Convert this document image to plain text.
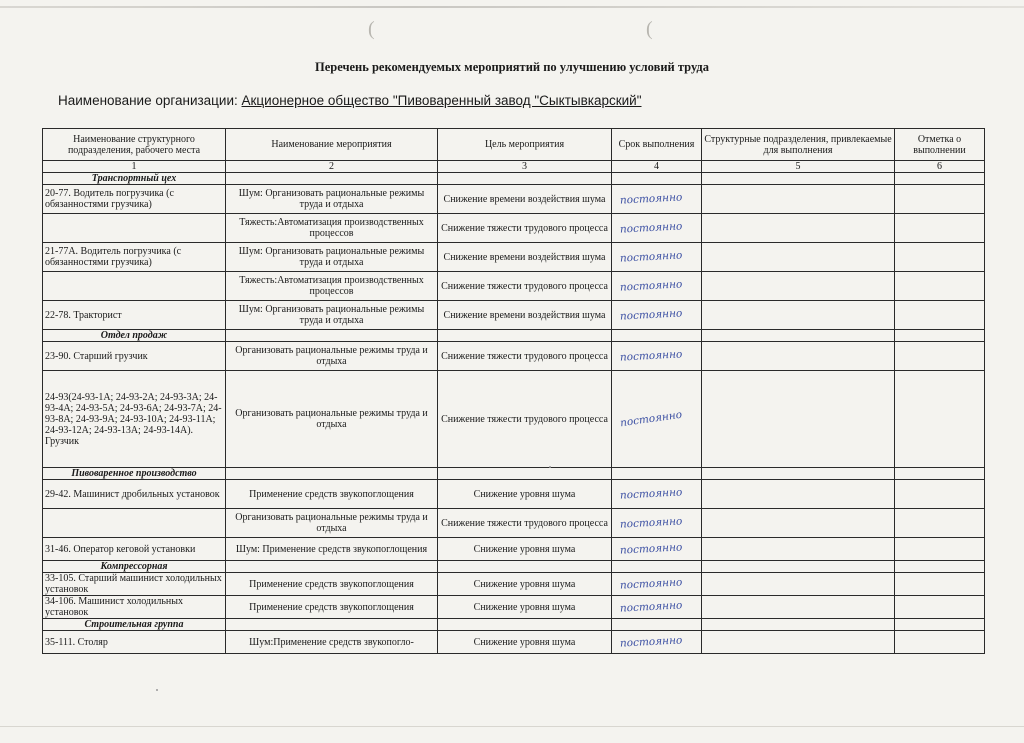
(	(
Перечень рекомендуемых мероприятий по улучшению условий труда
Наименование организации: Акционерное общество "Пивоваренный завод "Сыктывкарский"
Наименование структурного подразделения, рабочего места	Наименование мероприятия	Цель мероприятия	Срок выполнения	Структурные подразделения, привлекаемые для выполнения	Отметка о выполнении
1	2	3	4	5	6
Транспортный цех					
20-77. Водитель погрузчика (с обязанностями грузчика)	Шум: Организовать рациональные режимы труда и отдыха	Снижение времени воздействия шума	постоянно		
	Тяжесть:Автоматизация производственных процессов	Снижение тяжести трудового процесса	постоянно		
21-77А. Водитель погрузчика (с обязанностями грузчика)	Шум: Организовать рациональные режимы труда и отдыха	Снижение времени воздействия шума	постоянно		
	Тяжесть:Автоматизация производственных процессов	Снижение тяжести трудового процесса	постоянно		
22-78. Тракторист	Шум: Организовать рациональные режимы труда и отдыха	Снижение времени воздействия шума	постоянно		
Отдел продаж					
23-90. Старший грузчик	Организовать рациональные режимы труда и отдыха	Снижение тяжести трудового процесса	постоянно		
24-93(24-93-1А; 24-93-2А; 24-93-3А; 24-93-4А; 24-93-5А; 24-93-6А; 24-93-7А; 24-93-8А; 24-93-9А; 24-93-10А; 24-93-11А; 24-93-12А; 24-93-13А; 24-93-14А). Грузчик	Организовать рациональные режимы труда и отдыха	Снижение тяжести трудового процесса	постоянно		
Пивоваренное производство					
29-42. Машинист дробильных установок	Применение средств звукопоглощения	Снижение уровня шума	постоянно		
	Организовать рациональные режимы труда и отдыха	Снижение тяжести трудового процесса	постоянно		
31-46. Оператор кеговой установки	Шум: Применение средств звукопоглощения	Снижение уровня шума	постоянно		
Компрессорная					
33-105. Старший машинист холодильных установок	Применение средств звукопоглощения	Снижение уровня шума	постоянно		
34-106. Машинист холодильных установок	Применение средств звукопоглощения	Снижение уровня шума	постоянно		
Строительная группа					
35-111. Столяр	Шум:Применение средств звукопогло-	Снижение уровня шума	постоянно		
